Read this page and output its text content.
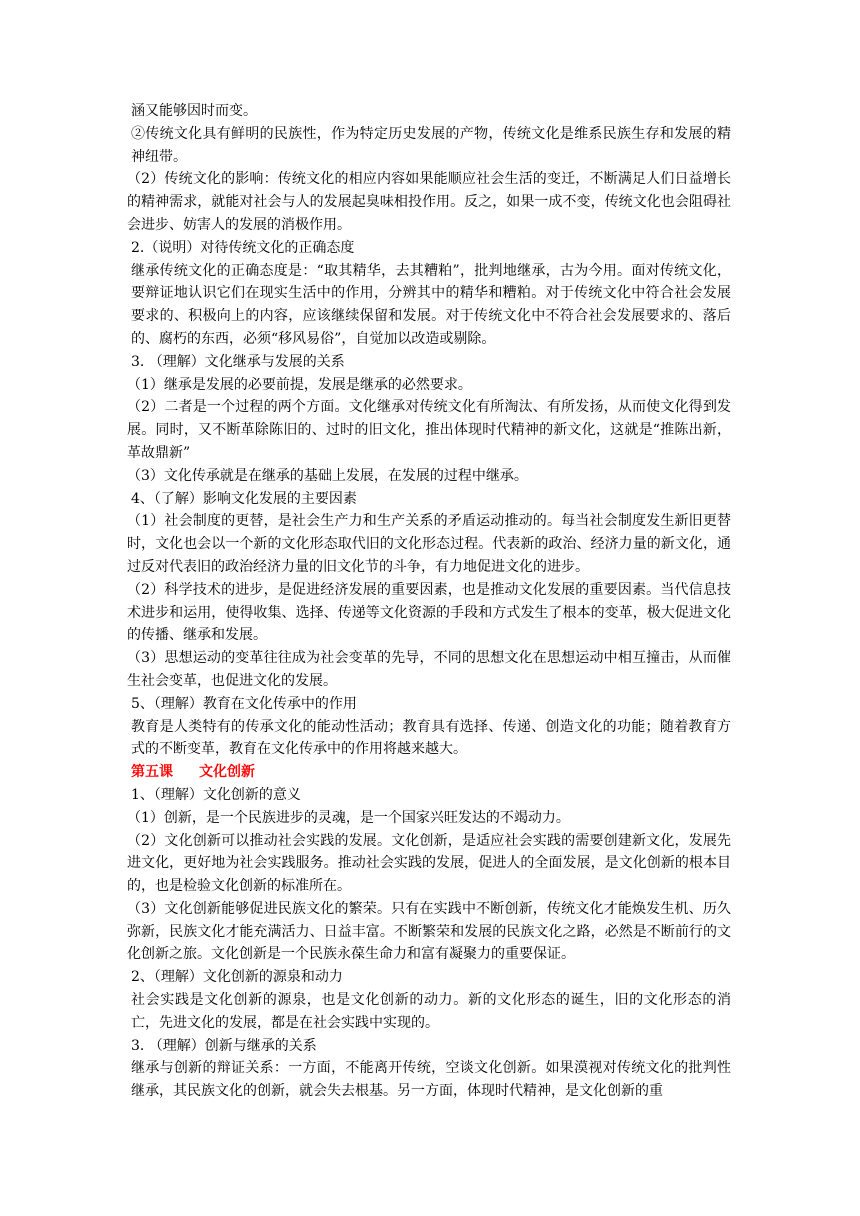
涵又能够因时而变。

②传统文化具有鲜明的民族性，作为特定历史发展的产物，传统文化是维系民族生存和发展的精神纽带。

（2）传统文化的影响：传统文化的相应内容如果能顺应社会生活的变迁，不断满足人们日益增长的精神需求，就能对社会与人的发展起臭味相投作用。反之，如果一成不变，传统文化也会阻碍社会进步、妨害人的发展的消极作用。

2.（说明）对待传统文化的正确态度

继承传统文化的正确态度是：“取其精华，去其糟粕”，批判地继承，古为今用。面对传统文化，要辩证地认识它们在现实生活中的作用，分辨其中的精华和糟粕。对于传统文化中符合社会发展要求的、积极向上的内容，应该继续保留和发展。对于传统文化中不符合社会发展要求的、落后的、腐朽的东西，必须“移风易俗”，自觉加以改造或剔除。

3. （理解）文化继承与发展的关系

（1）继承是发展的必要前提，发展是继承的必然要求。

（2）二者是一个过程的两个方面。文化继承对传统文化有所淘汰、有所发扬，从而使文化得到发展。同时，又不断革除陈旧的、过时的旧文化，推出体现时代精神的新文化，这就是“推陈出新，革故鼎新”

（3）文化传承就是在继承的基础上发展，在发展的过程中继承。

4、（了解）影响文化发展的主要因素

（1）社会制度的更替，是社会生产力和生产关系的矛盾运动推动的。每当社会制度发生新旧更替时，文化也会以一个新的文化形态取代旧的文化形态过程。代表新的政治、经济力量的新文化，通过反对代表旧的政治经济力量的旧文化节的斗争，有力地促进文化的进步。

（2）科学技术的进步，是促进经济发展的重要因素，也是推动文化发展的重要因素。当代信息技术进步和运用，使得收集、选择、传递等文化资源的手段和方式发生了根本的变革，极大促进文化的传播、继承和发展。

（3）思想运动的变革往往成为社会变革的先导，不同的思想文化在思想运动中相互撞击，从而催生社会变革，也促进文化的发展。

5、（理解）教育在文化传承中的作用

教育是人类特有的传承文化的能动性活动；教育具有选择、传递、创造文化的功能；随着教育方式的不断变革，教育在文化传承中的作用将越来越大。

第五课 文化创新

1、（理解）文化创新的意义

（1）创新，是一个民族进步的灵魂，是一个国家兴旺发达的不竭动力。

（2）文化创新可以推动社会实践的发展。文化创新，是适应社会实践的需要创建新文化，发展先进文化，更好地为社会实践服务。推动社会实践的发展，促进人的全面发展，是文化创新的根本目的，也是检验文化创新的标准所在。

（3）文化创新能够促进民族文化的繁荣。只有在实践中不断创新，传统文化才能焕发生机、历久弥新，民族文化才能充满活力、日益丰富。不断繁荣和发展的民族文化之路，必然是不断前行的文化创新之旅。文化创新是一个民族永葆生命力和富有凝聚力的重要保证。

2、（理解）文化创新的源泉和动力

社会实践是文化创新的源泉，也是文化创新的动力。新的文化形态的诞生，旧的文化形态的消亡，先进文化的发展，都是在社会实践中实现的。

3. （理解）创新与继承的关系

继承与创新的辩证关系：一方面，不能离开传统，空谈文化创新。如果漠视对传统文化的批判性继承，其民族文化的创新，就会失去根基。另一方面，体现时代精神，是文化创新的重
